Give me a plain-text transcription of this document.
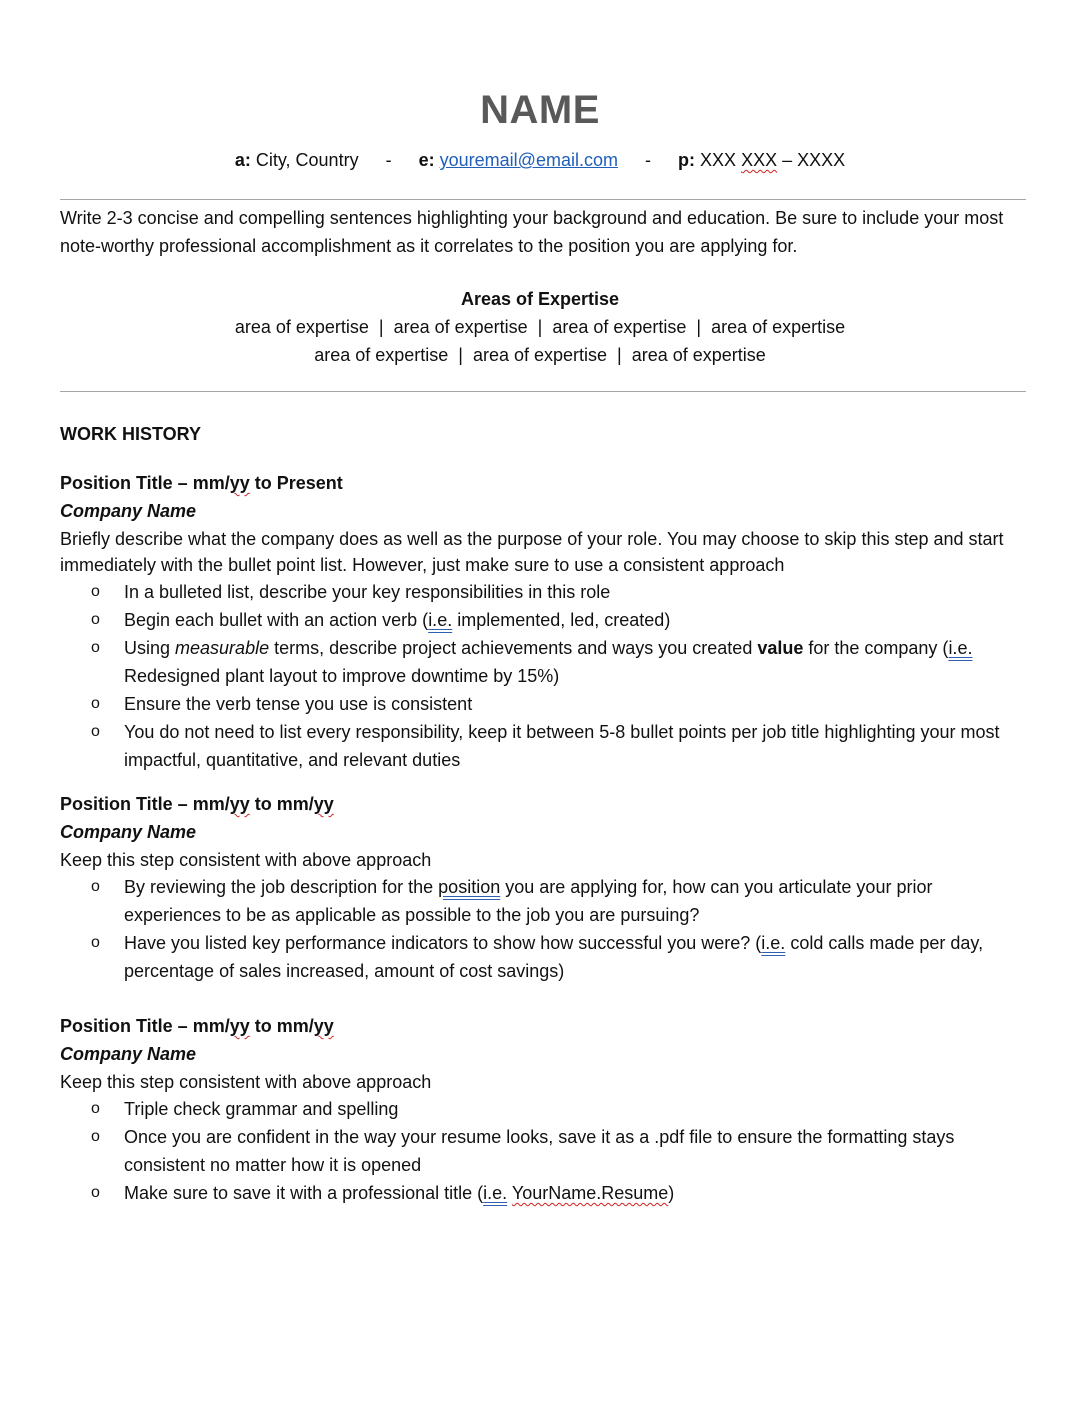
NAME
a: City, Country - e: youremail@email.com - p: XXX XXX – XXXX
Write 2-3 concise and compelling sentences highlighting your background and education. Be sure to include your most note-worthy professional accomplishment as it correlates to the position you are applying for.
Areas of Expertise
area of expertise | area of expertise | area of expertise | area of expertise
area of expertise | area of expertise | area of expertise
WORK HISTORY
Position Title – mm/yy to Present
Company Name
Briefly describe what the company does as well as the purpose of your role. You may choose to skip this step and start immediately with the bullet point list. However, just make sure to use a consistent approach
o In a bulleted list, describe your key responsibilities in this role
o Begin each bullet with an action verb (i.e. implemented, led, created)
o Using measurable terms, describe project achievements and ways you created value for the company (i.e. Redesigned plant layout to improve downtime by 15%)
o Ensure the verb tense you use is consistent
o You do not need to list every responsibility, keep it between 5-8 bullet points per job title highlighting your most impactful, quantitative, and relevant duties
Position Title – mm/yy to mm/yy
Company Name
Keep this step consistent with above approach
o By reviewing the job description for the position you are applying for, how can you articulate your prior experiences to be as applicable as possible to the job you are pursuing?
o Have you listed key performance indicators to show how successful you were? (i.e. cold calls made per day, percentage of sales increased, amount of cost savings)
Position Title – mm/yy to mm/yy
Company Name
Keep this step consistent with above approach
o Triple check grammar and spelling
o Once you are confident in the way your resume looks, save it as a .pdf file to ensure the formatting stays consistent no matter how it is opened
o Make sure to save it with a professional title (i.e. YourName.Resume)
